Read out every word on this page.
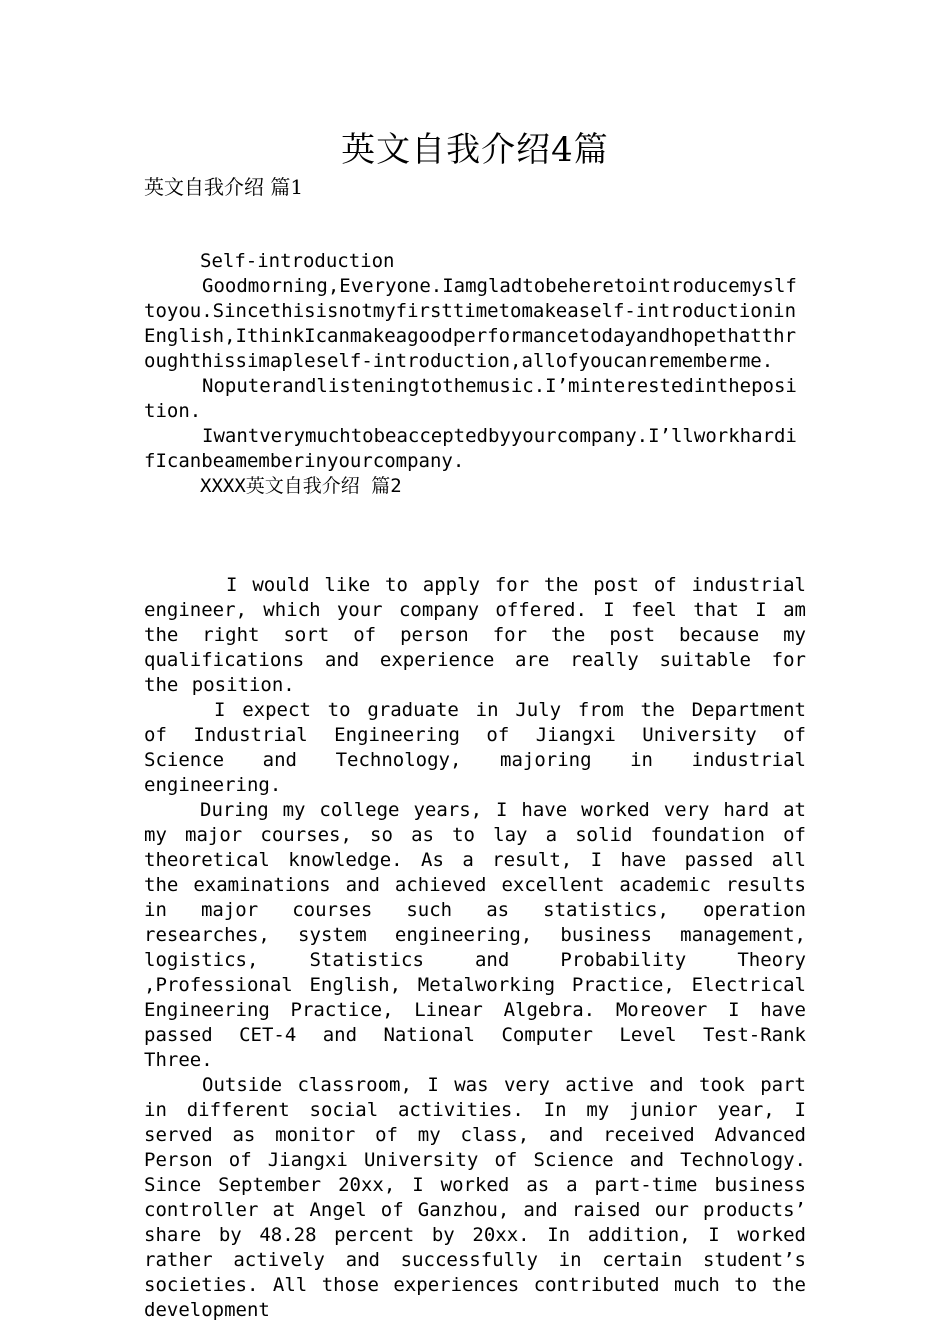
英文自我介绍4篇
英文自我介绍 篇1

Self-introduction

Goodmorning,Everyone.Iamgladtobeheretointroducemyslftoyou.Sincethisisnotmyfirsttimetomakeaself-introductioninEnglish,IthinkIcanmakeagoodperformancetodayandhopethatthroughthissimapleself-introduction,allofyoucanrememberme.

Noputerandlisteningtothemusic.I’minterestedintheposition.

Iwantverymuchtobeacceptedbyyourcompany.I’llworkhardifIcanbeamemberinyourcompany.

XXXX英文自我介绍 篇2

I would like to apply for the post of industrial engineer, which your company offered. I feel that I am the right sort of person for the post because my qualifications and experience are really suitable for the position.

I expect to graduate in July from the Department of Industrial Engineering of Jiangxi University of Science and Technology, majoring in industrial engineering.

During my college years, I have worked very hard at my major courses, so as to lay a solid foundation of theoretical knowledge. As a result, I have passed all the examinations and achieved excellent academic results in major courses such as statistics, operation researches, system engineering, business management, logistics, Statistics and Probability Theory ,Professional English, Metalworking Practice, Electrical Engineering Practice, Linear Algebra. Moreover I have passed CET-4 and National Computer Level Test-Rank Three.

Outside classroom, I was very active and took part in different social activities. In my junior year, I served as monitor of my class, and received Advanced Person of Jiangxi University of Science and Technology. Since September 20xx, I worked as a part-time business controller at Angel of Ganzhou, and raised our products’ share by 48.28 percent by 20xx. In addition, I worked rather actively and successfully in certain student’s societies. All those experiences contributed much to the development
